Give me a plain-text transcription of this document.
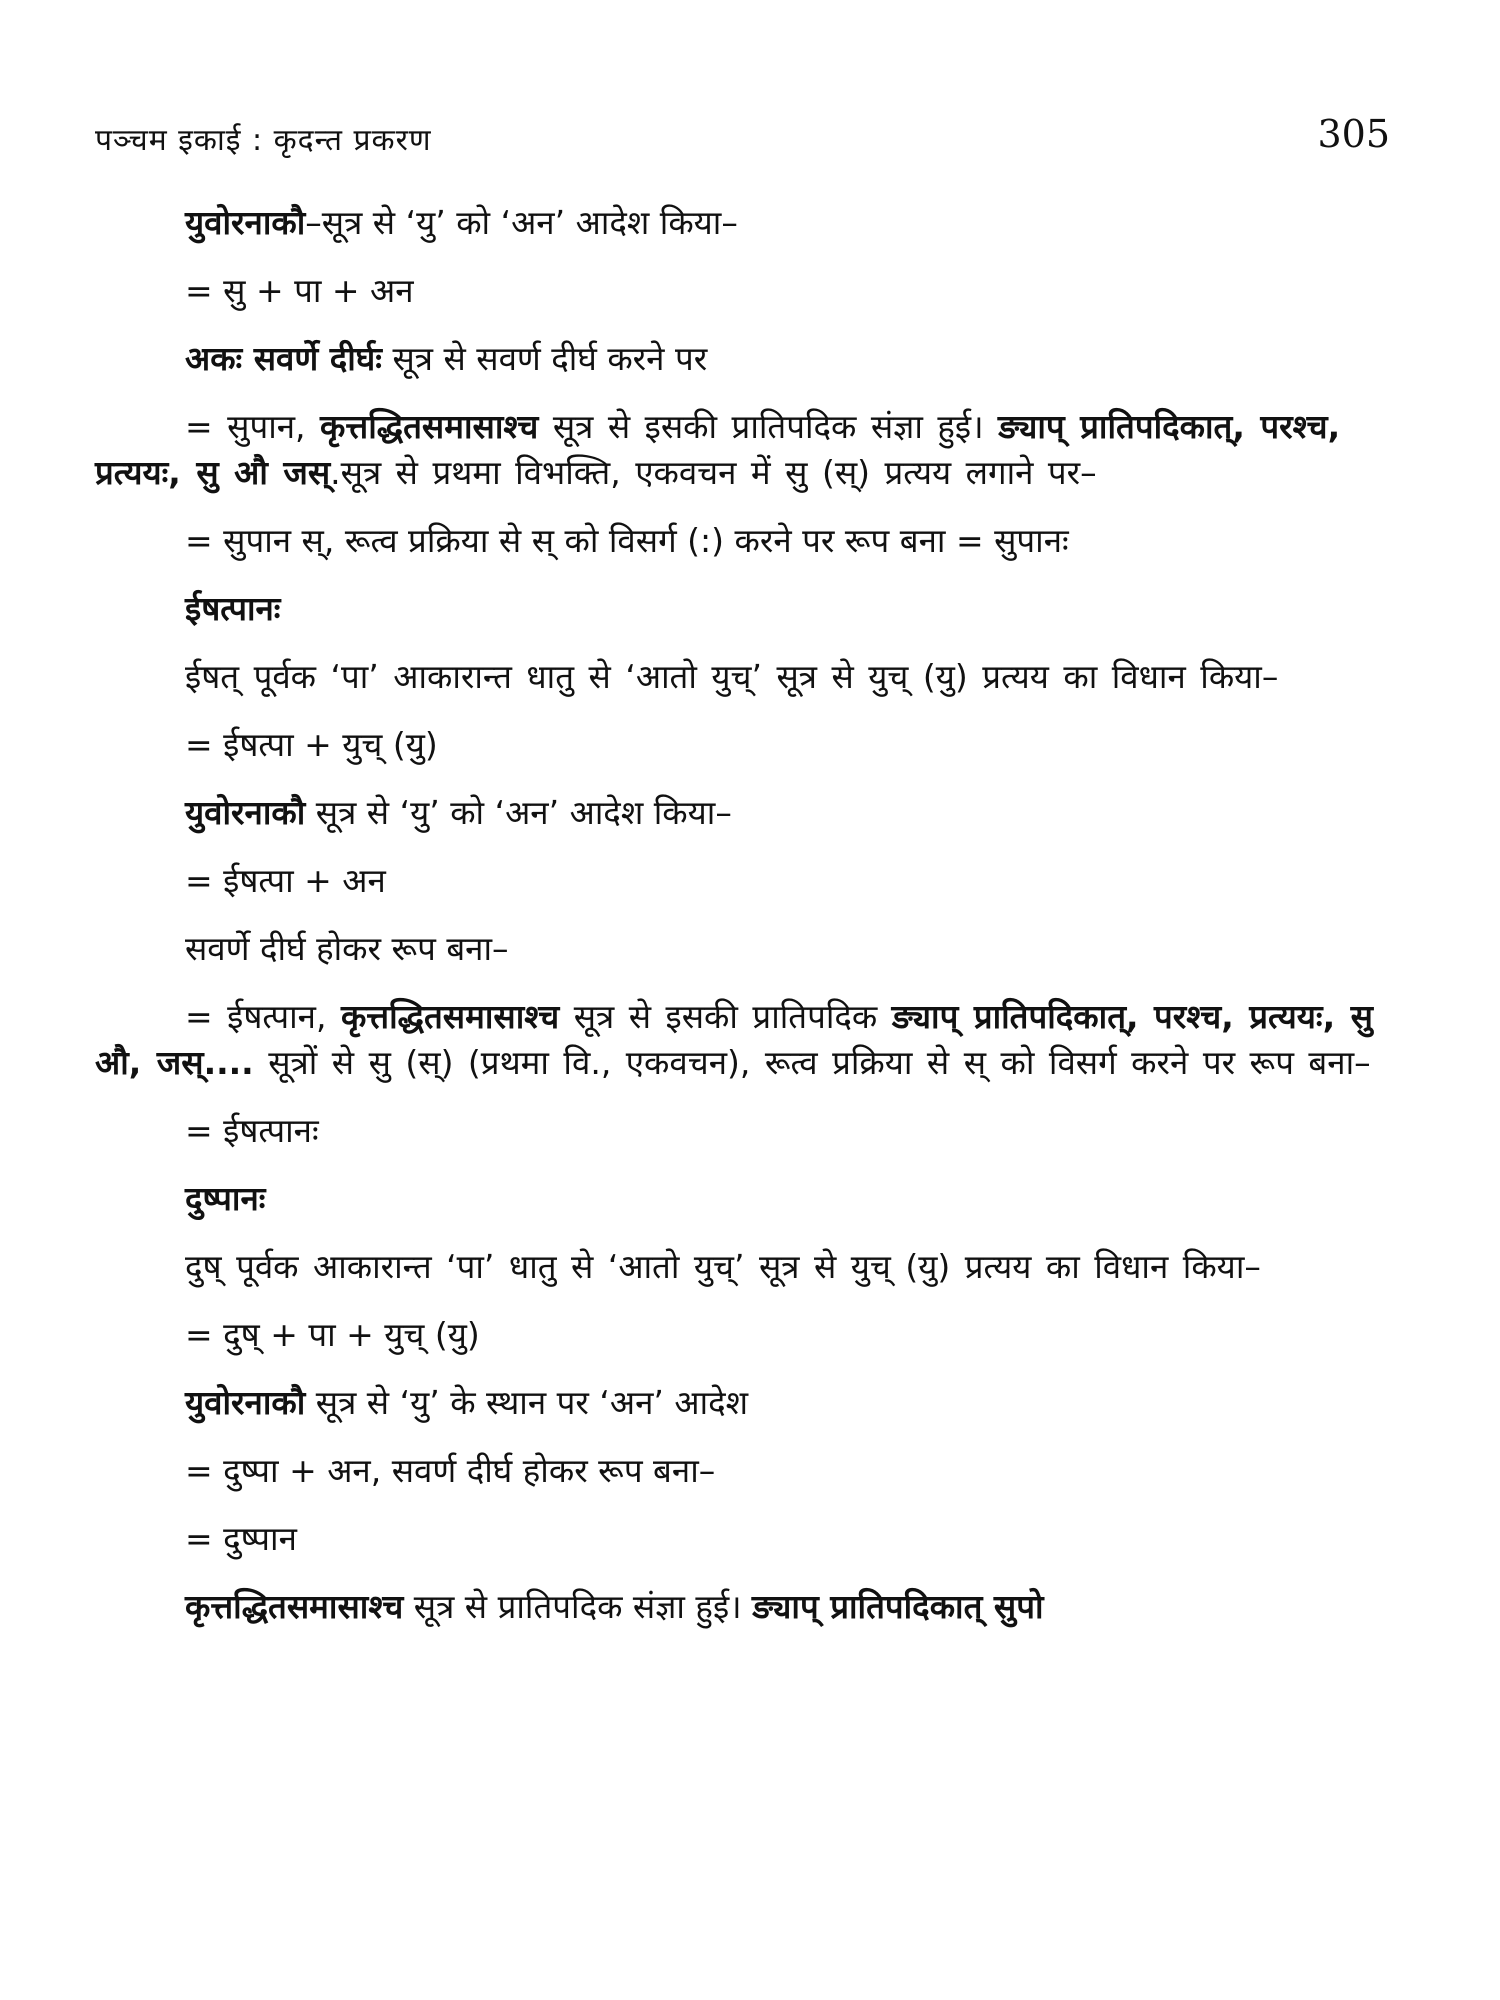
पञ्चम इकाई : कृदन्त प्रकरण	305
युवोरनाकौ–सूत्र से ‘यु’ को ‘अन’ आदेश किया–
= सु + पा + अन
अकः सवर्णे दीर्घः सूत्र से सवर्ण दीर्घ करने पर
= सुपान, कृत्तद्धितसमासाश्च सूत्र से इसकी प्रातिपदिक संज्ञा हुई। ङ्याप् प्रातिपदिकात्, परश्च, प्रत्ययः, सु औ जस्.सूत्र से प्रथमा विभक्ति, एकवचन में सु (स्) प्रत्यय लगाने पर–
= सुपान स्, रूत्व प्रक्रिया से स् को विसर्ग (:) करने पर रूप बना = सुपानः
ईषत्पानः
ईषत् पूर्वक ‘पा’ आकारान्त धातु से ‘आतो युच्’ सूत्र से युच् (यु) प्रत्यय का विधान किया–
= ईषत्पा + युच् (यु)
युवोरनाकौ सूत्र से ‘यु’ को ‘अन’ आदेश किया–
= ईषत्पा + अन
सवर्णे दीर्घ होकर रूप बना–
= ईषत्पान, कृत्तद्धितसमासाश्च सूत्र से इसकी प्रातिपदिक ङ्याप् प्रातिपदिकात्, परश्च, प्रत्ययः, सु औ, जस्.... सूत्रों से सु (स्) (प्रथमा वि., एकवचन), रूत्व प्रक्रिया से स् को विसर्ग करने पर रूप बना–
= ईषत्पानः
दुष्पानः
दुष् पूर्वक आकारान्त ‘पा’ धातु से ‘आतो युच्’ सूत्र से युच् (यु) प्रत्यय का विधान किया–
= दुष् + पा + युच् (यु)
युवोरनाकौ सूत्र से ‘यु’ के स्थान पर ‘अन’ आदेश
= दुष्पा + अन, सवर्ण दीर्घ होकर रूप बना–
= दुष्पान
कृत्तद्धितसमासाश्च सूत्र से प्रातिपदिक संज्ञा हुई। ङ्याप् प्रातिपदिकात् सुपो
